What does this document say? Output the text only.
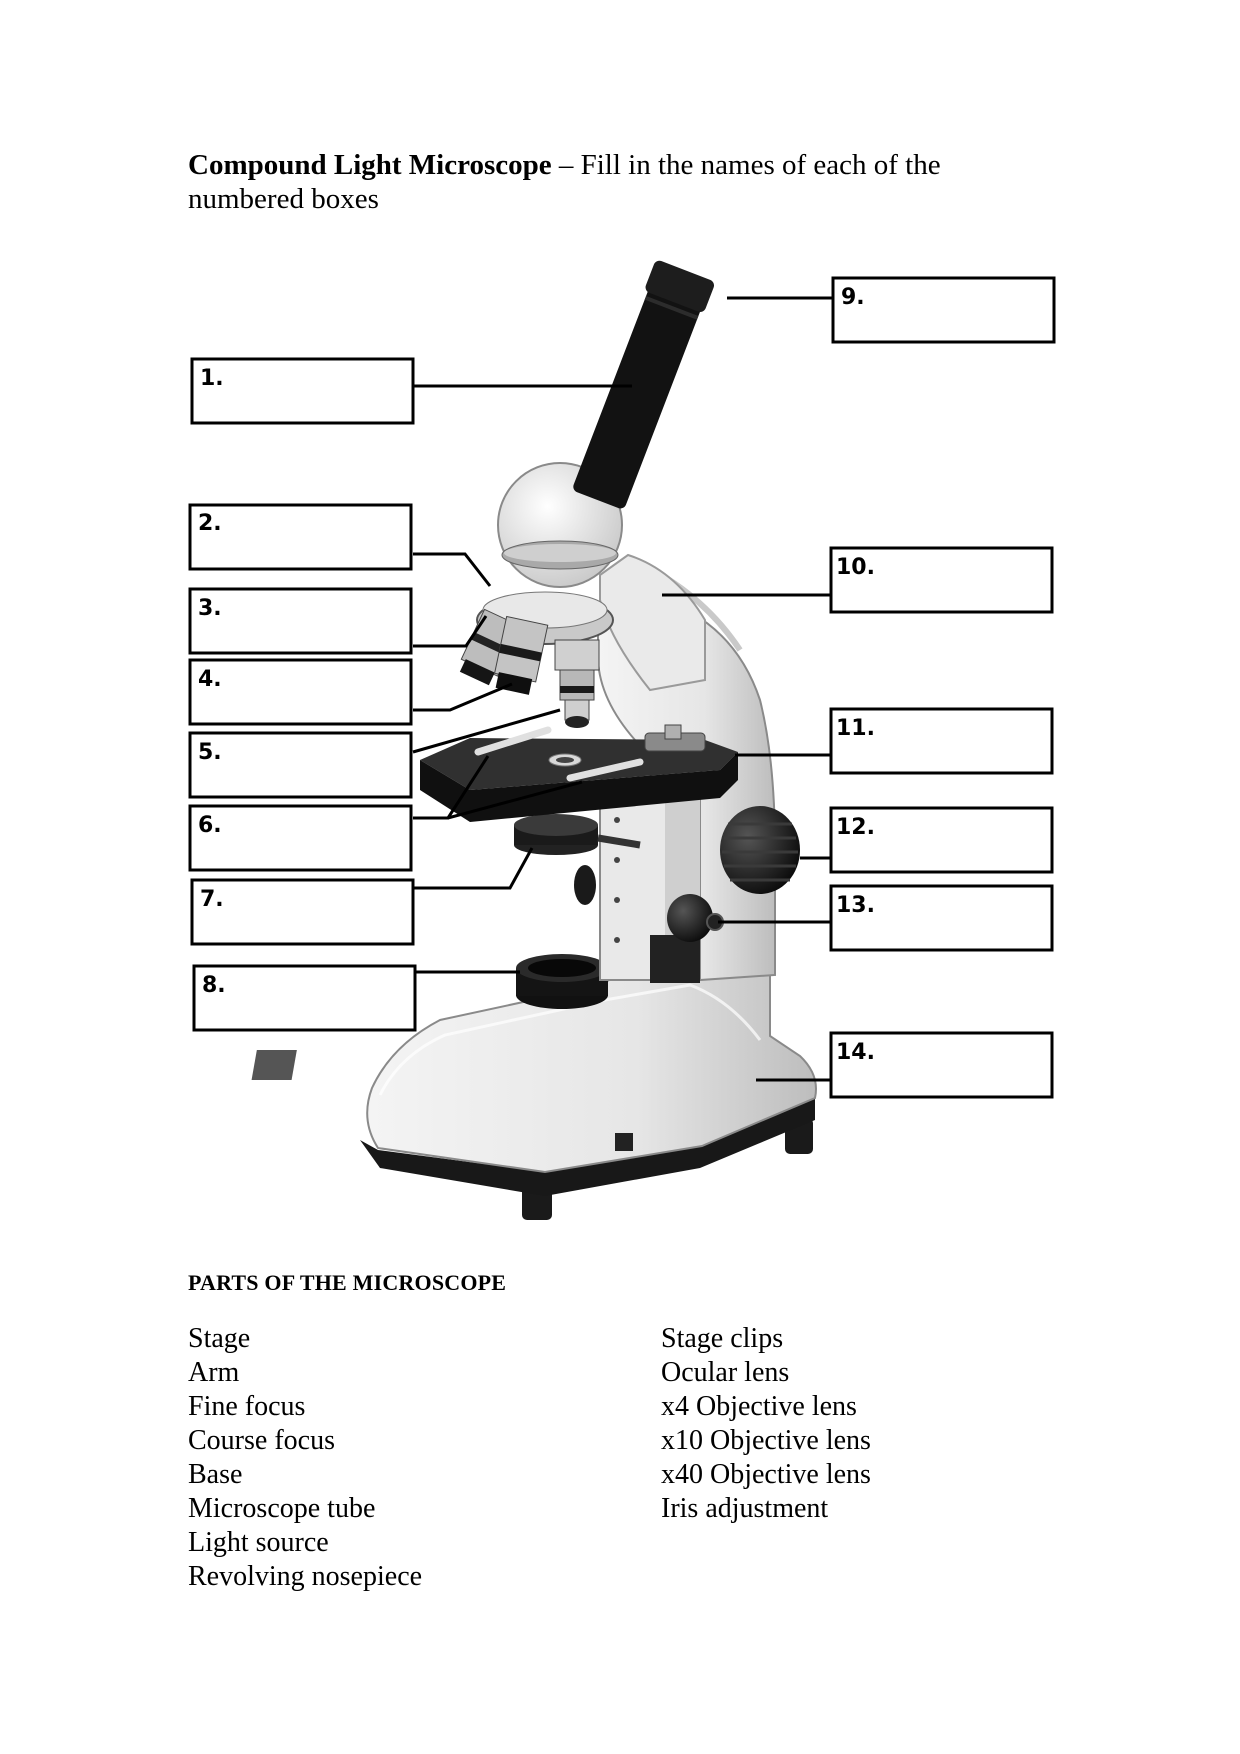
Compound Light Microscope – Fill in the names of each of the numbered boxes
1.
2.
3.
4.
5.
6.
7.
8.
9.
10.
11.
12.
13.
14.
PARTS OF THE MICROSCOPE
Stage
Arm
Fine focus
Course focus
Base
Microscope tube
Light source
Revolving nosepiece
Stage clips
Ocular lens
x4 Objective lens
x10 Objective lens
x40 Objective lens
Iris adjustment
